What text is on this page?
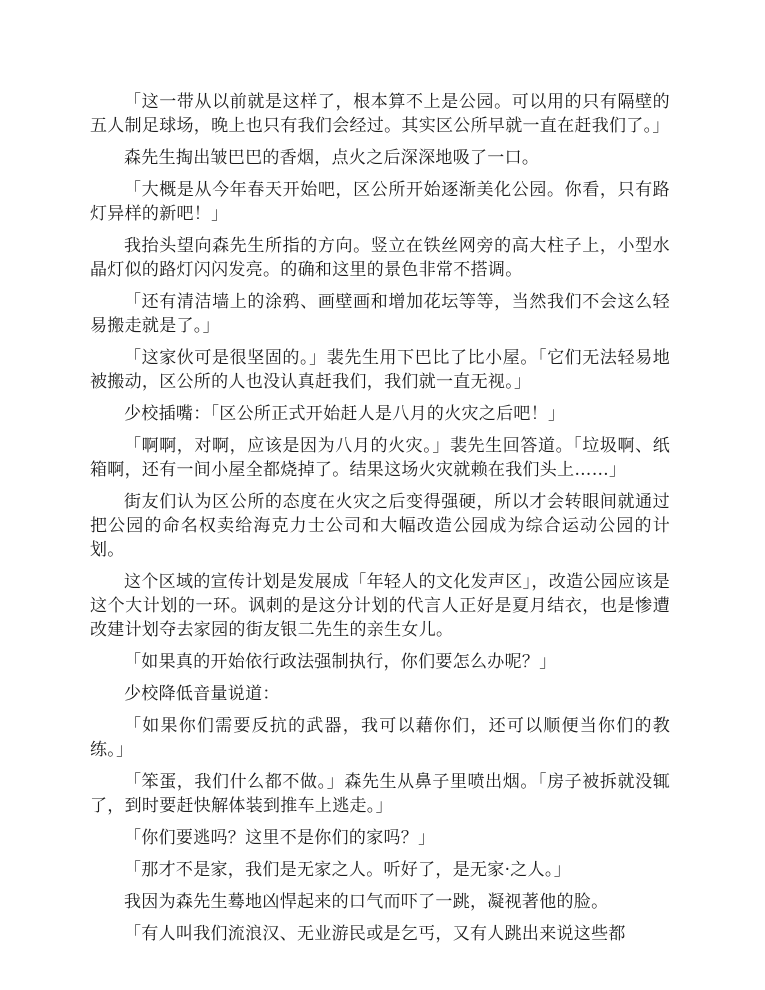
「这一带从以前就是这样了，根本算不上是公园。可以用的只有隔壁的五人制足球场，晚上也只有我们会经过。其实区公所早就一直在赶我们了。」

森先生掏出皱巴巴的香烟，点火之后深深地吸了一口。

「大概是从今年春天开始吧，区公所开始逐渐美化公园。你看，只有路灯异样的新吧！」

我抬头望向森先生所指的方向。竖立在铁丝网旁的高大柱子上，小型水晶灯似的路灯闪闪发亮。的确和这里的景色非常不搭调。

「还有清洁墙上的涂鸦、画壁画和增加花坛等等，当然我们不会这么轻易搬走就是了。」

「这家伙可是很坚固的。」裴先生用下巴比了比小屋。「它们无法轻易地被搬动，区公所的人也没认真赶我们，我们就一直无视。」

少校插嘴：「区公所正式开始赶人是八月的火灾之后吧！」

「啊啊，对啊，应该是因为八月的火灾。」裴先生回答道。「垃圾啊、纸箱啊，还有一间小屋全都烧掉了。结果这场火灾就赖在我们头上……」

街友们认为区公所的态度在火灾之后变得强硬，所以才会转眼间就通过把公园的命名权卖给海克力士公司和大幅改造公园成为综合运动公园的计划。

这个区域的宣传计划是发展成「年轻人的文化发声区」，改造公园应该是这个大计划的一环。讽刺的是这分计划的代言人正好是夏月结衣，也是惨遭改建计划夺去家园的街友银二先生的亲生女儿。

「如果真的开始依行政法强制执行，你们要怎么办呢？」

少校降低音量说道：

「如果你们需要反抗的武器，我可以藉你们，还可以顺便当你们的教练。」

「笨蛋，我们什么都不做。」森先生从鼻子里喷出烟。「房子被拆就没辄了，到时要赶快解体装到推车上逃走。」

「你们要逃吗？这里不是你们的家吗？」

「那才不是家，我们是无家之人。听好了，是无家·之人。」

我因为森先生蓦地凶悍起来的口气而吓了一跳，凝视著他的脸。

「有人叫我们流浪汉、无业游民或是乞丐，又有人跳出来说这些都
